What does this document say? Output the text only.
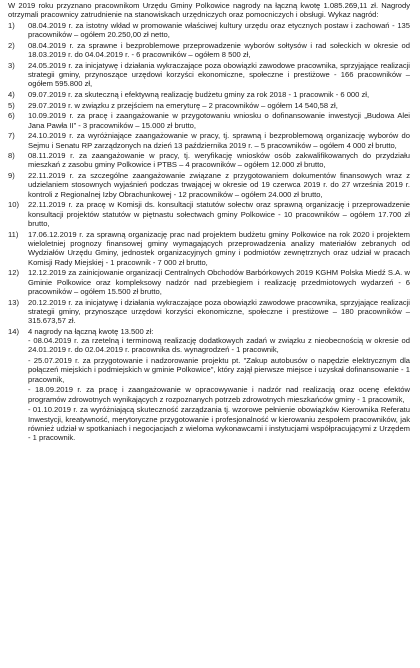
W 2019 roku przyznano pracownikom Urzędu Gminy Polkowice nagrody na łączną kwotę 1.085.269,11 zł. Nagrody otrzymali pracownicy zatrudnienie na stanowiskach urzędniczych oraz pomocniczych i obsługi. Wykaz nagród:

1)	08.04.2019 r. za istotny wkład w promowanie właściwej kultury urzędu oraz etycznych postaw i zachowań - 135 pracowników – ogółem 20.250,00 zł netto,
2)	08.04.2019 r. za sprawne i bezproblemowe przeprowadzenie wyborów sołtysów i rad sołeckich w okresie od 18.03.2019 r. do 04.04.2019 r. - 6 pracowników – ogółem 8 500 zł,
3)	24.05.2019 r. za inicjatywę i działania wykraczające poza obowiązki zawodowe pracownika, sprzyjające realizacji strategii gminy, przynoszące urzędowi korzyści ekonomiczne, społeczne i prestiżowe - 166 pracowników – ogółem 595.800 zł,
4)	09.07.2019 r. za skuteczną i efektywną realizację budżetu gminy za rok 2018 - 1 pracownik - 6 000 zł,
5)	29.07.2019 r. w związku z przejściem na emeryturę – 2 pracowników – ogółem 14 540,58 zł,
6)	10.09.2019 r. za pracę i zaangażowanie w przygotowaniu wniosku o dofinansowanie inwestycji „Budowa Alei Jana Pawła II” - 3 pracowników – 15.000 zł brutto,
7)	24.10.2019 r. za wyróżniające zaangażowanie w pracy, tj. sprawną i bezproblemową organizację wyborów do Sejmu i Senatu RP zarządzonych na dzień 13 października 2019 r. – 5 pracowników – ogółem 4 000 zł brutto,
8)	08.11.2019 r. za zaangażowanie w pracy, tj. weryfikację wniosków osób zakwalifikowanych do przydziału mieszkań z zasobu gminy Polkowice i PTBS – 4 pracowników – ogółem 12.000 zł brutto,
9)	22.11.2019 r. za szczególne zaangażowanie związane z przygotowaniem dokumentów finansowych wraz z udzielaniem stosownych wyjaśnień podczas trwającej w okresie od 19 czerwca 2019 r. do 27 września 2019 r. kontroli z Regionalnej Izby Obrachunkowej - 12 pracowników – ogółem 24.000 zł brutto,
10)	22.11.2019 r. za pracę w Komisji ds. konsultacji statutów sołectw oraz sprawną organizację i przeprowadzenie konsultacji projektów statutów w piętnastu sołectwach gminy Polkowice - 10 pracowników – ogółem 17.700 zł brutto,
11)	17.06.12.2019 r. za sprawną organizację prac nad projektem budżetu gminy Polkowice na rok 2020 i projektem wieloletniej prognozy finansowej gminy wymagających przeprowadzenia analizy materiałów zebranych od Wydziałów Urzędu Gminy, jednostek organizacyjnych gminy i podmiotów zewnętrznych oraz udział w pracach Komisji Rady Miejskiej - 1 pracownik - 7 000 zł brutto,
12)	12.12.2019 za zainicjowanie organizacji Centralnych Obchodów Barbórkowych 2019 KGHM Polska Miedź S.A. w Gminie Polkowice oraz kompleksowy nadzór nad przebiegiem i realizację przedmiotowych wydarzeń - 6 pracowników – ogółem 15.500 zł brutto,
13)	20.12.2019 r. za inicjatywę i działania wykraczające poza obowiązki zawodowe pracownika, sprzyjające realizacji strategii gminy, przynoszące urzędowi korzyści ekonomiczne, społeczne i prestiżowe – 180 pracowników – 315.673,57 zł.
14)	4 nagrody na łączną kwotę 13.500 zł:
- 08.04.2019 r. za rzetelną i terminową realizację dodatkowych zadań w związku z nieobecnością w okresie od 24.01.2019 r. do 02.04.2019 r. pracownika ds. wynagrodzeń - 1 pracownik,
- 25.07.2019 r. za przygotowanie i nadzorowanie projektu pt. "Zakup autobusów o napędzie elektrycznym dla połączeń miejskich i podmiejskich w gminie Polkowice", który zajął pierwsze miejsce i uzyskał dofinansowanie - 1 pracownik,
- 18.09.2019 r. za pracę i zaangażowanie w opracowywanie i nadzór nad realizacją oraz ocenę efektów programów zdrowotnych wynikających z rozpoznanych potrzeb zdrowotnych mieszkańców gminy - 1 pracownik,
- 01.10.2019 r. za wyróżniającą skuteczność zarządzania tj. wzorowe pełnienie obowiązków Kierownika Referatu Inwestycji, kreatywność, merytoryczne przygotowanie i profesjonalność w kierowaniu zespołem pracowników, jak również udział w spotkaniach i negocjacjach z wieloma wykonawcami i instytucjami współpracującymi z Urzędem - 1 pracownik.
